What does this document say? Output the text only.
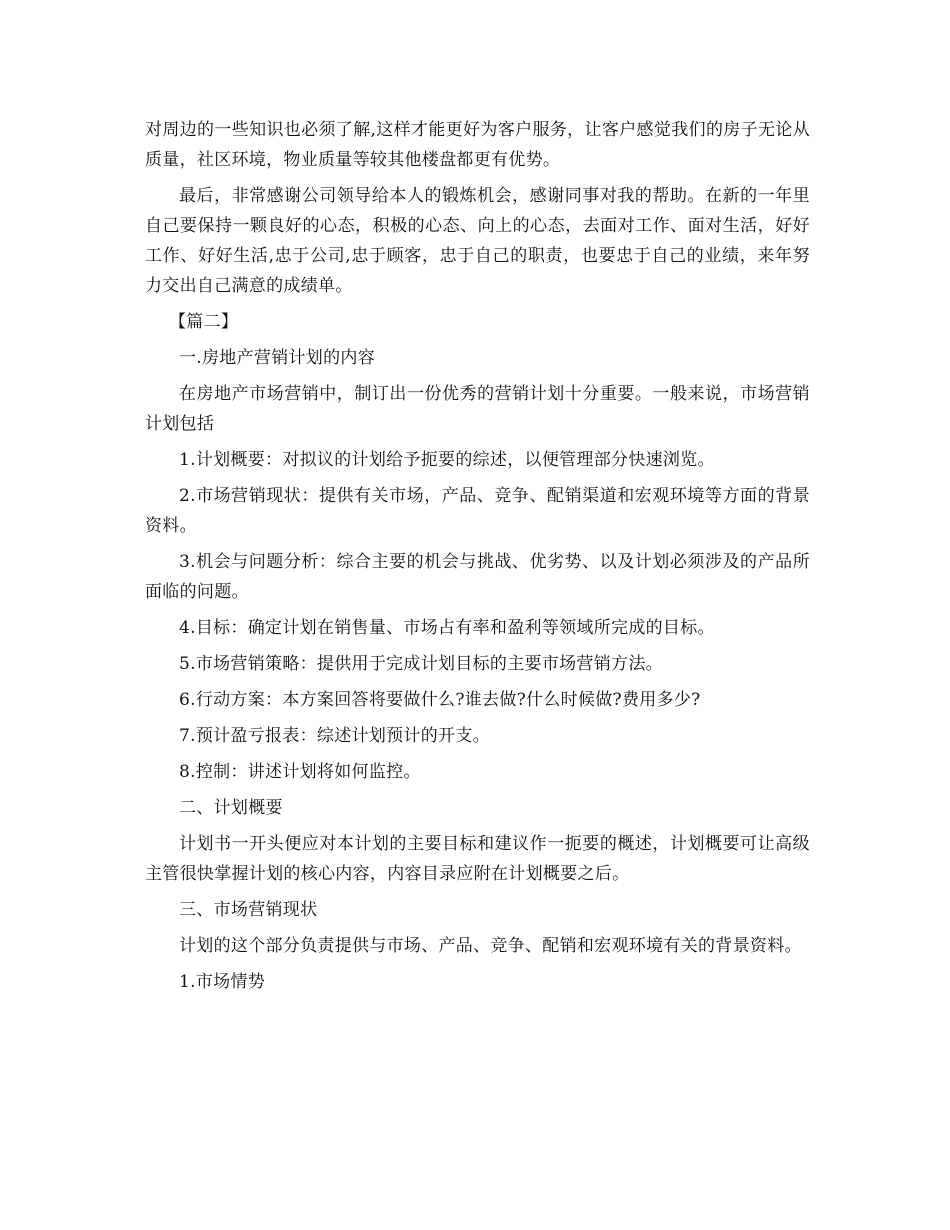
对周边的一些知识也必须了解,这样才能更好为客户服务，让客户感觉我们的房子无论从质量，社区环境，物业质量等较其他楼盘都更有优势。

最后，非常感谢公司领导给本人的锻炼机会，感谢同事对我的帮助。在新的一年里自己要保持一颗良好的心态，积极的心态、向上的心态，去面对工作、面对生活，好好工作、好好生活,忠于公司,忠于顾客，忠于自己的职责，也要忠于自己的业绩，来年努力交出自己满意的成绩单。

【篇二】

一.房地产营销计划的内容

在房地产市场营销中，制订出一份优秀的营销计划十分重要。一般来说，市场营销计划包括

1.计划概要：对拟议的计划给予扼要的综述，以便管理部分快速浏览。

2.市场营销现状：提供有关市场，产品、竞争、配销渠道和宏观环境等方面的背景资料。

3.机会与问题分析：综合主要的机会与挑战、优劣势、以及计划必须涉及的产品所面临的问题。

4.目标：确定计划在销售量、市场占有率和盈利等领域所完成的目标。

5.市场营销策略：提供用于完成计划目标的主要市场营销方法。

6.行动方案：本方案回答将要做什么?谁去做?什么时候做?费用多少?

7.预计盈亏报表：综述计划预计的开支。

8.控制：讲述计划将如何监控。

二、计划概要

计划书一开头便应对本计划的主要目标和建议作一扼要的概述，计划概要可让高级主管很快掌握计划的核心内容，内容目录应附在计划概要之后。

三、市场营销现状

计划的这个部分负责提供与市场、产品、竞争、配销和宏观环境有关的背景资料。

1.市场情势
